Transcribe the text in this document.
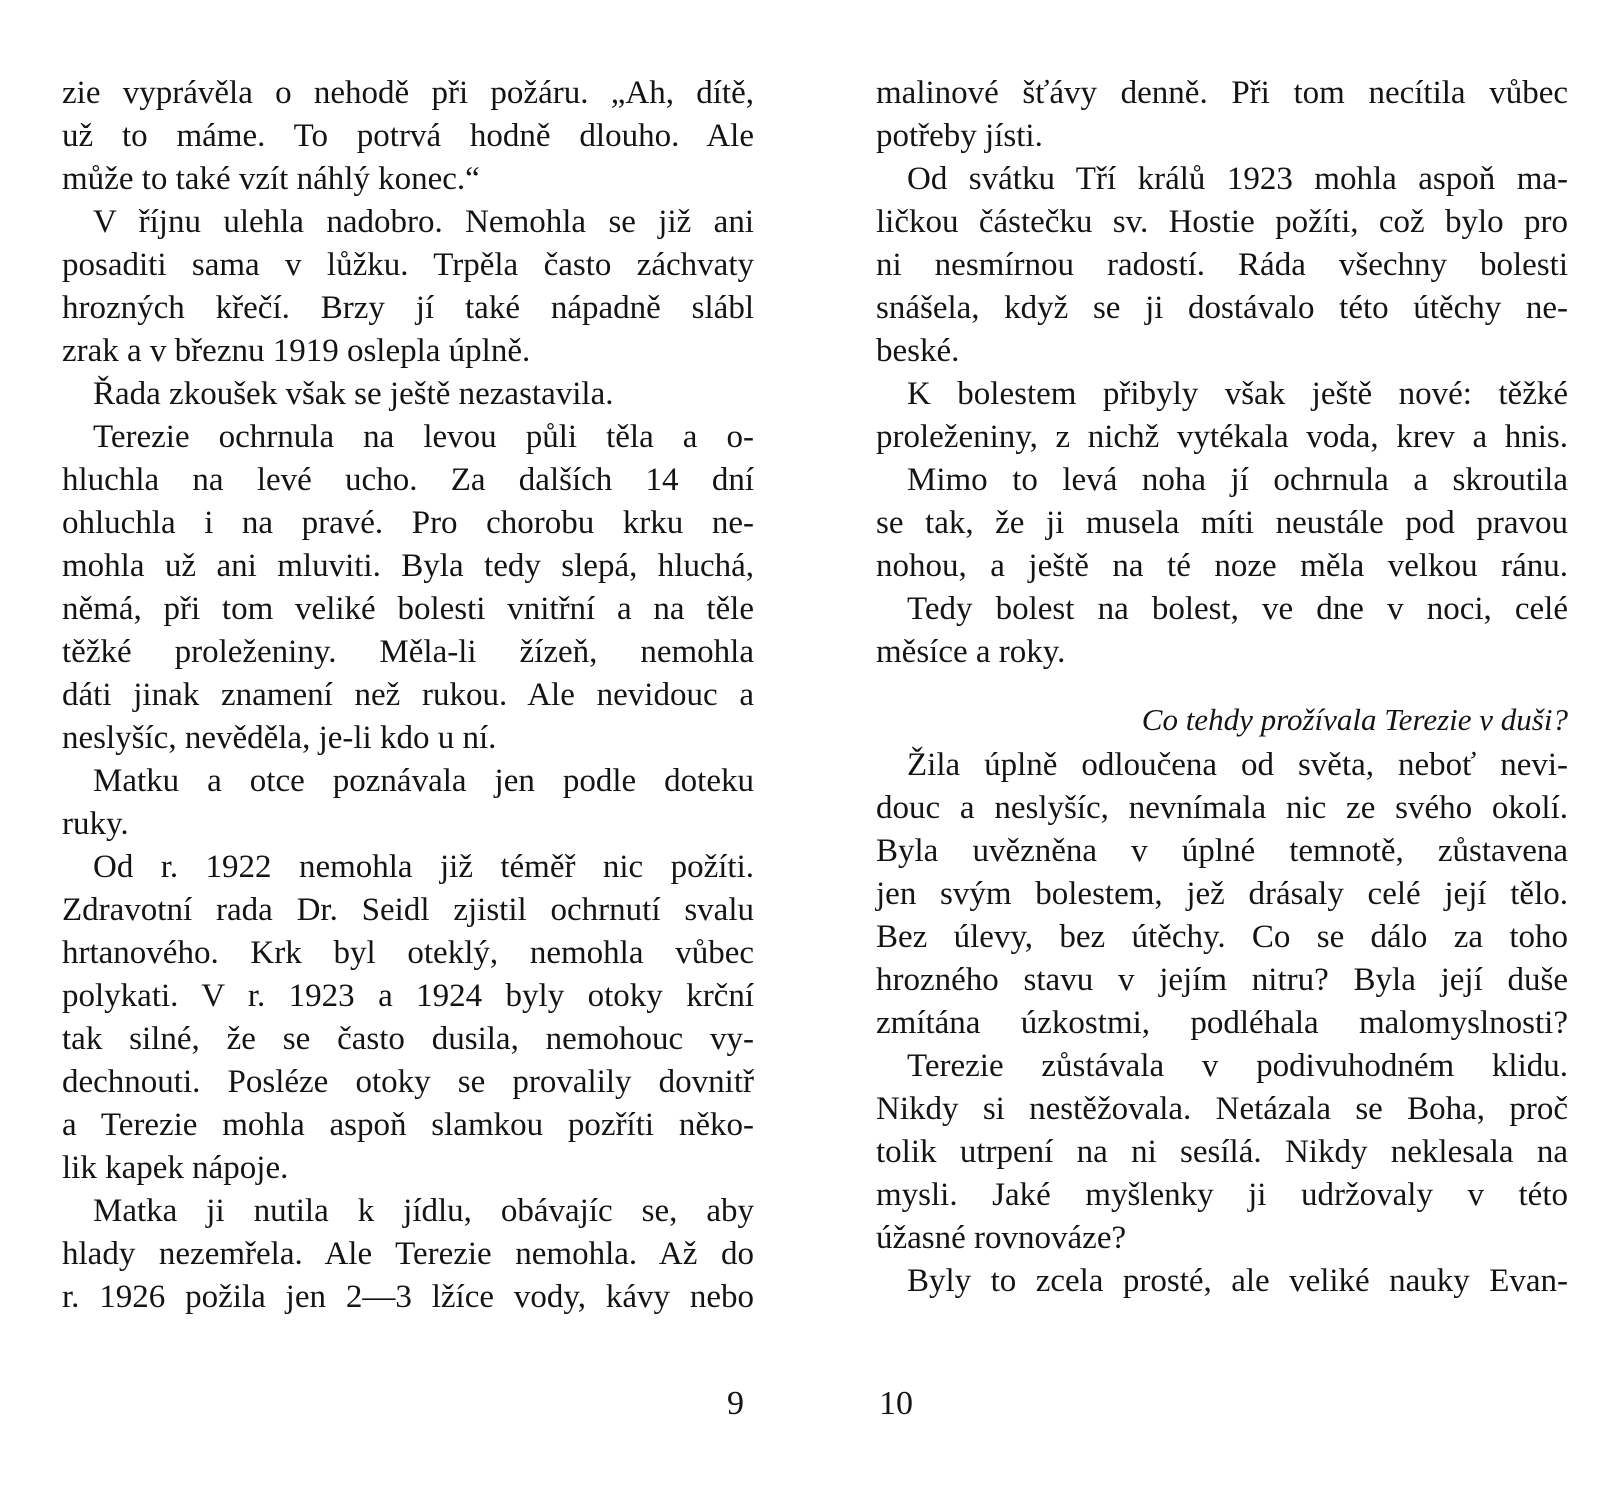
zie vyprávěla o nehodě při požáru. „Ah, dítě,
už to máme. To potrvá hodně dlouho. Ale
může to také vzít náhlý konec.“
V říjnu ulehla nadobro. Nemohla se již ani
posaditi sama v lůžku. Trpěla často záchvaty
hrozných křečí. Brzy jí také nápadně slábl
zrak a v březnu 1919 oslepla úplně.
Řada zkoušek však se ještě nezastavila.
Terezie ochrnula na levou půli těla a o-
hluchla na levé ucho. Za dalších 14 dní
ohluchla i na pravé. Pro chorobu krku ne-
mohla už ani mluviti. Byla tedy slepá, hluchá,
němá, při tom veliké bolesti vnitřní a na těle
těžké proleženiny. Měla-li žízeň, nemohla
dáti jinak znamení než rukou. Ale nevidouc a
neslyšíc, nevěděla, je-li kdo u ní.
Matku a otce poznávala jen podle doteku
ruky.
Od r. 1922 nemohla již téměř nic požíti.
Zdravotní rada Dr. Seidl zjistil ochrnutí svalu
hrtanového. Krk byl oteklý, nemohla vůbec
polykati. V r. 1923 a 1924 byly otoky krční
tak silné, že se často dusila, nemohouc vy-
dechnouti. Posléze otoky se provalily dovnitř
a Terezie mohla aspoň slamkou pozříti něko-
lik kapek nápoje.
Matka ji nutila k jídlu, obávajíc se, aby
hlady nezemřela. Ale Terezie nemohla. Až do
r. 1926 požila jen 2—3 lžíce vody, kávy nebo
9
malinové šťávy denně. Při tom necítila vůbec
potřeby jísti.
Od svátku Tří králů 1923 mohla aspoň ma-
ličkou částečku sv. Hostie požíti, což bylo pro
ni nesmírnou radostí. Ráda všechny bolesti
snášela, když se ji dostávalo této útěchy ne-
beské.
K bolestem přibyly však ještě nové: těžké
proleženiny, z nichž vytékala voda, krev a hnis.
Mimo to levá noha jí ochrnula a skroutila
se tak, že ji musela míti neustále pod pravou
nohou, a ještě na té noze měla velkou ránu.
Tedy bolest na bolest, ve dne v noci, celé
měsíce a roky.
Co tehdy prožívala Terezie v duši?
Žila úplně odloučena od světa, neboť nevi-
douc a neslyšíc, nevnímala nic ze svého okolí.
Byla uvězněna v úplné temnotě, zůstavena
jen svým bolestem, jež drásaly celé její tělo.
Bez úlevy, bez útěchy. Co se dálo za toho
hrozného stavu v jejím nitru? Byla její duše
zmítána úzkostmi, podléhala malomyslnosti?
Terezie zůstávala v podivuhodném klidu.
Nikdy si nestěžovala. Netázala se Boha, proč
tolik utrpení na ni sesílá. Nikdy neklesala na
mysli. Jaké myšlenky ji udržovaly v této
úžasné rovnováze?
Byly to zcela prosté, ale veliké nauky Evan-
10
